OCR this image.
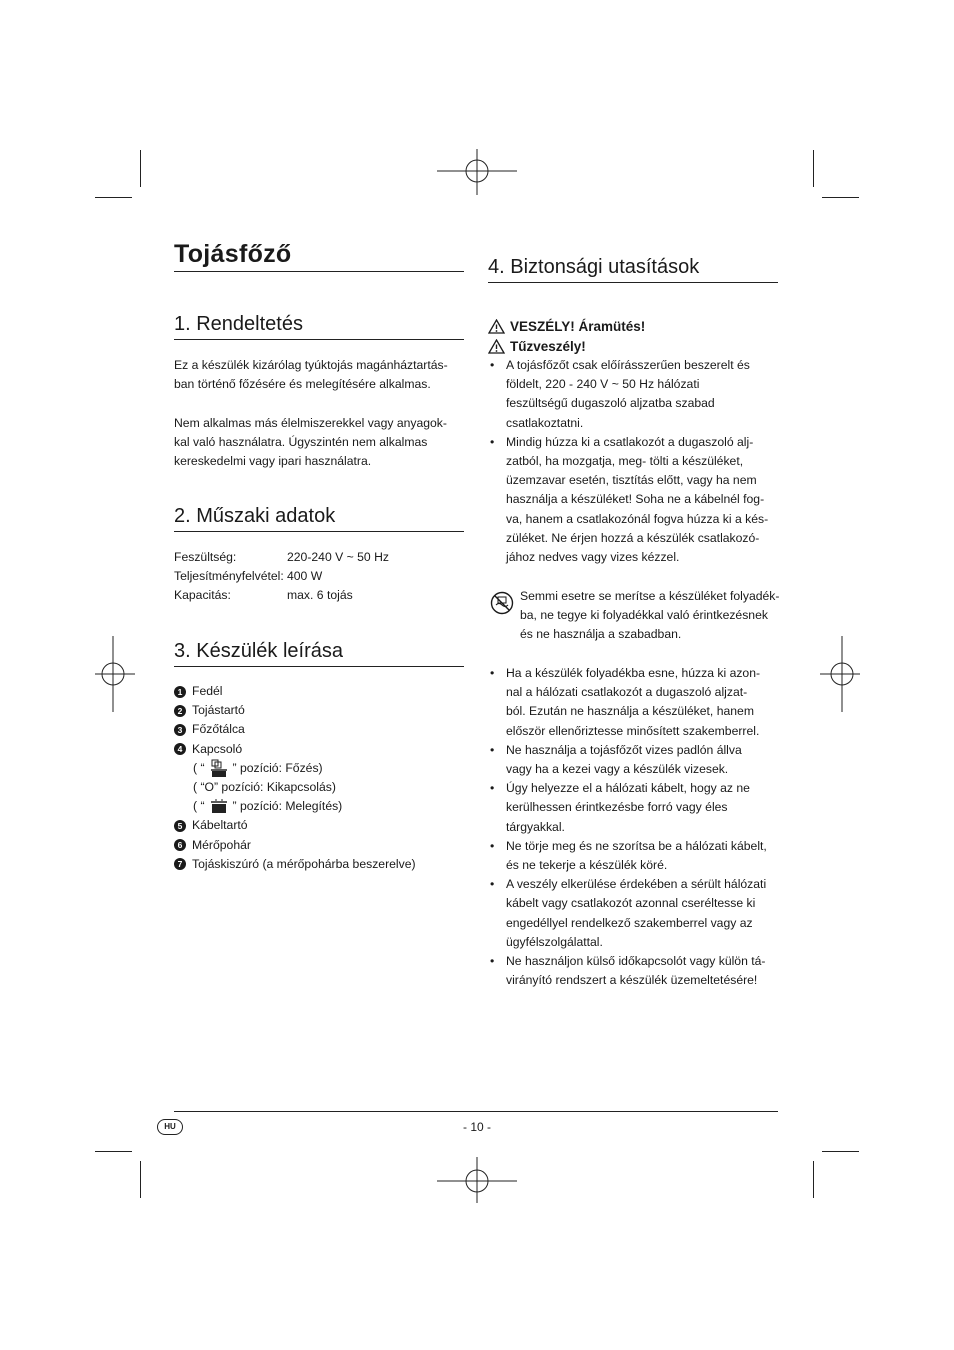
Tojásfőző
1. Rendeltetés
Ez a készülék kizárólag tyúktojás magánháztartás-
ban történő főzésére és melegítésére alkalmas.
Nem alkalmas más élelmiszerekkel vagy anyagok-
kal való használatra. Úgyszintén nem alkalmas
kereskedelmi vagy ipari használatra.
2. Műszaki adatok
Feszültség:	220-240 V ~ 50 Hz
Teljesítményfelvétel: 400 W
Kapacitás:	max. 6 tojás
3. Készülék leírása
1 Fedél
2 Tojástartó
3 Főzőtálca
4 Kapcsoló
( “ ” pozíció: Főzés)
( “O” pozíció: Kikapcsolás)
( “ ” pozíció: Melegítés)
5 Kábeltartó
6 Mérőpohár
7 Tojáskiszúró (a mérőpohárba beszerelve)
4. Biztonsági utasítások
VESZÉLY! Áramütés!
Tűzveszély!
• A tojásfőzőt csak előírásszerűen beszerelt és
földelt, 220 - 240 V ~ 50 Hz hálózati
feszültségű dugaszoló aljzatba szabad
csatlakoztatni.
• Mindig húzza ki a csatlakozót a dugaszoló alj-
zatból, ha mozgatja, meg- tölti a készüléket,
üzemzavar esetén, tisztítás előtt, vagy ha nem
használja a készüléket! Soha ne a kábelnél fog-
va, hanem a csatlakozónál fogva húzza ki a kés-
züléket. Ne érjen hozzá a készülék csatlakozó-
jához nedves vagy vizes kézzel.
Semmi esetre se merítse a készüléket folyadék-
ba, ne tegye ki folyadékkal való érintkezésnek
és ne használja a szabadban.
• Ha a készülék folyadékba esne, húzza ki azon-
nal a hálózati csatlakozót a dugaszoló aljzat-
ból. Ezután ne használja a készüléket, hanem
először ellenőriztesse minősített szakemberrel.
• Ne használja a tojásfőzőt vizes padlón állva
vagy ha a kezei vagy a készülék vizesek.
• Úgy helyezze el a hálózati kábelt, hogy az ne
kerülhessen érintkezésbe forró vagy éles
tárgyakkal.
• Ne törje meg és ne szorítsa be a hálózati kábelt,
és ne tekerje a készülék köré.
• A veszély elkerülése érdekében a sérült hálózati
kábelt vagy csatlakozót azonnal cseréltesse ki
engedéllyel rendelkező szakemberrel vagy az
ügyfélszolgálattal.
• Ne használjon külső időkapcsolót vagy külön tá-
virányító rendszert a készülék üzemeltetésére!
HU	- 10 -
